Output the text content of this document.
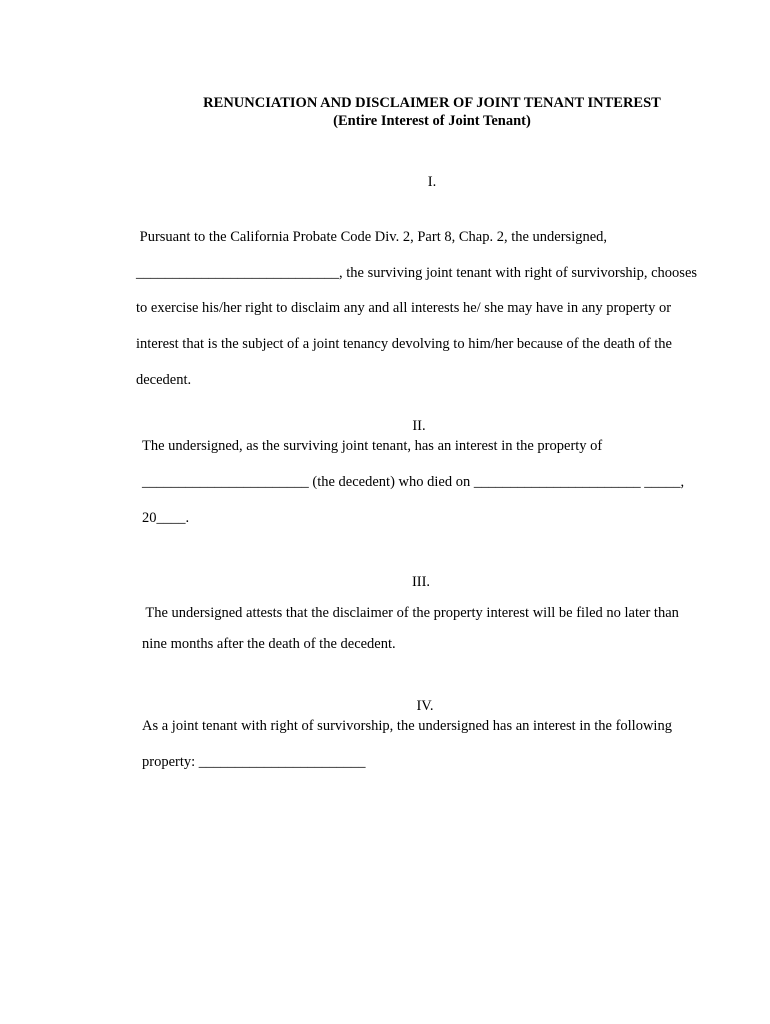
RENUNCIATION AND DISCLAIMER OF JOINT TENANT INTEREST
(Entire Interest of Joint Tenant)
I.
Pursuant to the California Probate Code Div. 2, Part 8, Chap. 2, the undersigned,
____________________________, the surviving joint tenant with right of survivorship, chooses
to exercise his/her right to disclaim any and all interests he/ she may have in any property or
interest that is the subject of a joint tenancy devolving to him/her because of the death of the
decedent.
II.
The undersigned, as the surviving joint tenant, has an interest in the property of
_______________________ (the decedent) who died on _______________________ _____,
20____.
III.
The undersigned attests that the disclaimer of the property interest will be filed no later than
nine months after the death of the decedent.
IV.
As a joint tenant with right of survivorship, the undersigned has an interest in the following
property: _______________________
